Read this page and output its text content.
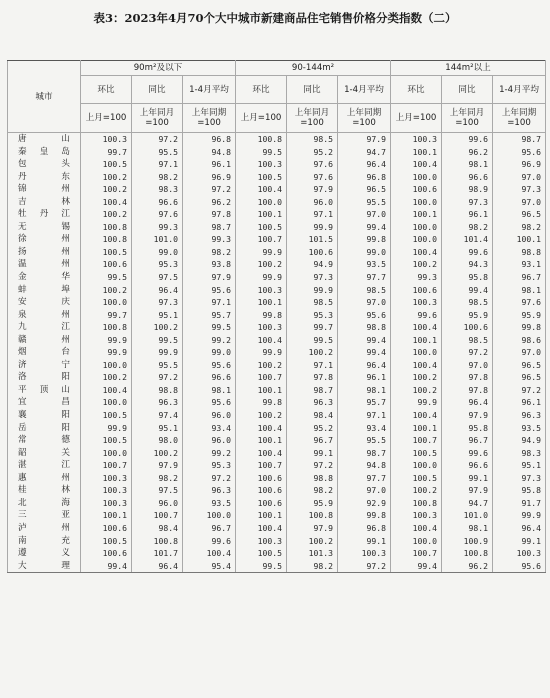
表3：2023年4月70个大中城市新建商品住宅销售价格分类指数（二）
城市	90m²及以下			90-144m²			144m²以上		
	环比	同比	1-4月平均	环比	同比	1-4月平均	环比	同比	1-4月平均
	上月=100	上年同月=100	上年同期=100	上月=100	上年同月=100	上年同期=100	上月=100	上年同月=100	上年同期=100
唐山	100.3	97.2	96.8	100.8	98.5	97.9	100.3	99.6	98.7
秦皇岛	99.7	95.5	94.8	99.5	95.2	94.7	100.1	96.2	95.6
包头	100.5	97.1	96.1	100.3	97.6	96.4	100.4	98.1	96.9
丹东	100.2	98.2	96.9	100.5	97.6	96.8	100.0	96.6	97.0
锦州	100.2	98.3	97.2	100.4	97.9	96.5	100.6	98.9	97.3
吉林	100.4	96.6	96.2	100.0	96.0	95.5	100.0	97.3	97.0
牡丹江	100.2	97.6	97.8	100.1	97.1	97.0	100.1	96.1	96.5
无锡	100.8	99.3	98.7	100.5	99.9	99.4	100.0	98.2	98.2
徐州	100.8	101.0	99.3	100.7	101.5	99.8	100.0	101.4	100.1
扬州	100.5	99.0	98.2	99.9	100.6	99.0	100.4	99.6	98.8
温州	100.6	95.3	93.8	100.2	94.9	93.5	100.2	94.3	93.1
金华	99.5	97.5	97.9	99.9	97.3	97.7	99.3	95.8	96.7
蚌埠	100.2	96.4	95.6	100.3	99.9	98.5	100.6	99.4	98.1
安庆	100.0	97.3	97.1	100.1	98.5	97.0	100.3	98.5	97.6
泉州	99.7	95.1	95.7	99.8	95.3	95.6	99.6	95.9	95.9
九江	100.8	100.2	99.5	100.3	99.7	98.8	100.4	100.6	99.8
赣州	99.9	99.5	99.2	100.4	99.5	99.4	100.1	98.5	98.6
烟台	99.9	99.9	99.0	99.9	100.2	99.4	100.0	97.2	97.0
济宁	100.0	95.5	95.6	100.2	97.1	96.4	100.4	97.0	96.5
洛阳	100.2	97.2	96.6	100.7	97.8	96.1	100.2	97.8	96.5
平顶山	100.4	98.8	98.1	100.1	98.7	98.1	100.2	97.8	97.2
宜昌	100.0	96.3	95.6	99.8	96.3	95.7	99.9	96.4	96.1
襄阳	100.5	97.4	96.0	100.2	98.4	97.1	100.4	97.9	96.3
岳阳	99.9	95.1	93.4	100.4	95.2	93.4	100.1	95.8	93.5
常德	100.5	98.0	96.0	100.1	96.7	95.5	100.7	96.7	94.9
韶关	100.0	100.2	99.2	100.4	99.1	98.7	100.5	99.6	98.3
湛江	100.7	97.9	95.3	100.7	97.2	94.8	100.0	96.6	95.1
惠州	100.3	98.2	97.2	100.6	98.8	97.7	100.5	99.1	97.3
桂林	100.3	97.5	96.3	100.6	98.2	97.0	100.2	97.9	95.8
北海	100.3	96.0	93.5	100.6	95.9	92.9	100.8	94.7	91.7
三亚	100.1	100.7	100.0	100.1	100.8	99.8	100.3	101.0	99.9
泸州	100.6	98.4	96.7	100.4	97.9	96.8	100.4	98.1	96.4
南充	100.5	100.8	99.6	100.3	100.2	99.1	100.0	100.9	99.1
遵义	100.6	101.7	100.4	100.5	101.3	100.3	100.7	100.8	100.3
大理	99.4	96.4	95.4	99.5	98.2	97.2	99.4	96.2	95.6
